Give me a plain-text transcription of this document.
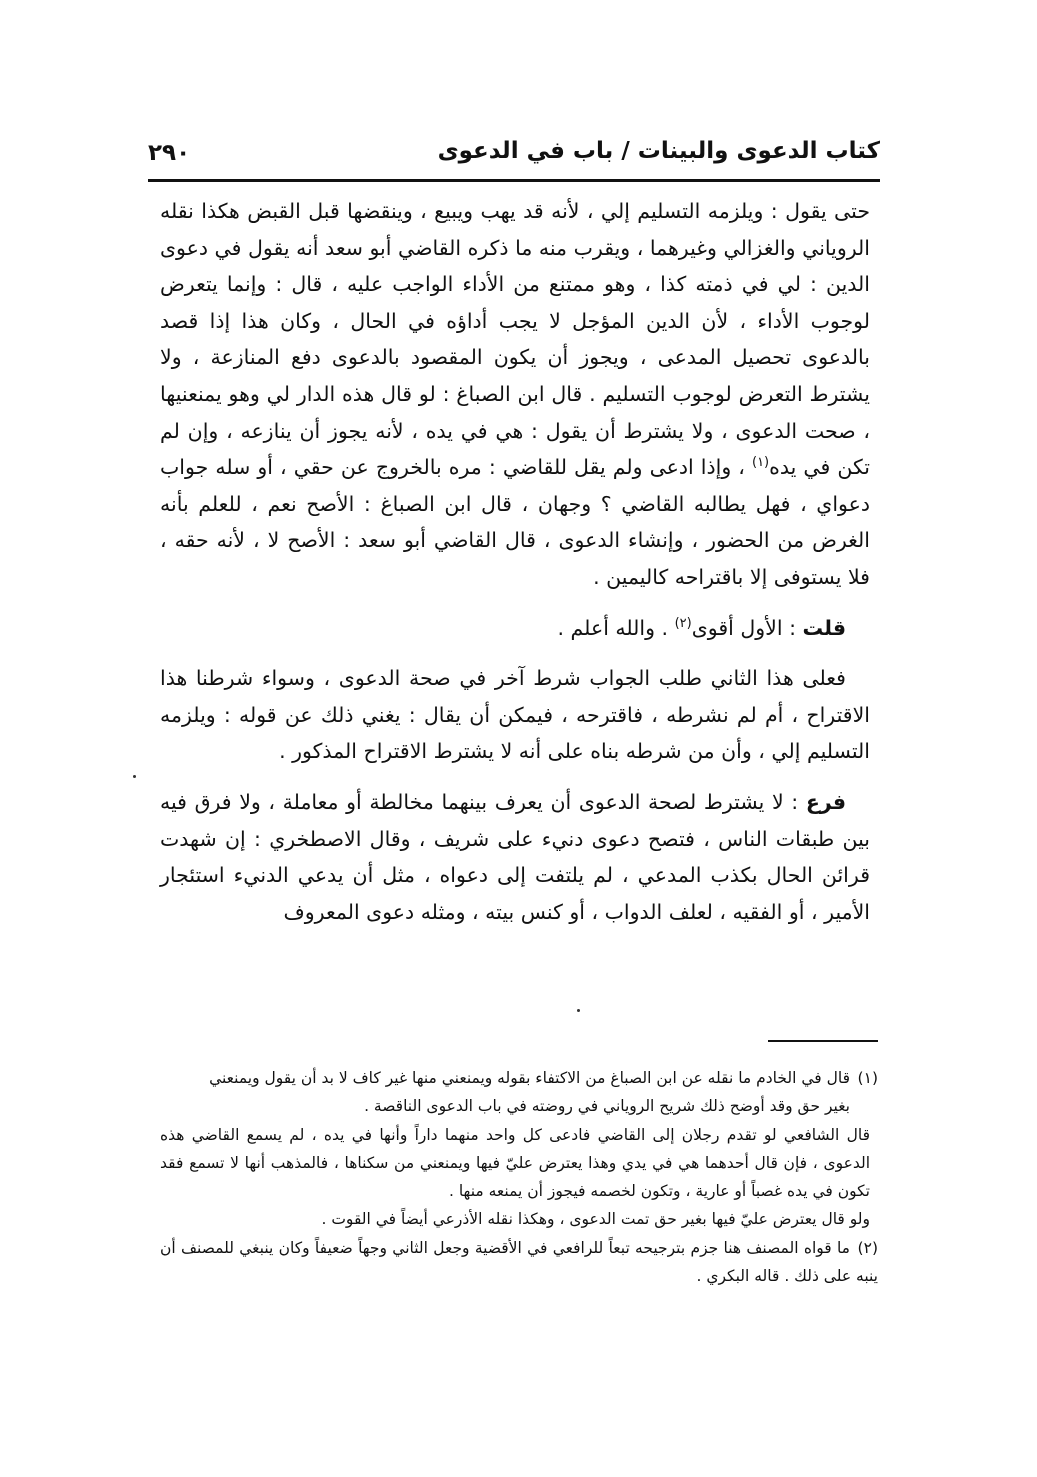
كتاب الدعوى والبينات / باب في الدعوى
٢٩٠

حتى يقول : ويلزمه التسليم إلي ، لأنه قد يهب ويبيع ، وينقضها قبل القبض هكذا نقله الروياني والغزالي وغيرهما ، ويقرب منه ما ذكره القاضي أبو سعد أنه يقول في دعوى الدين : لي في ذمته كذا ، وهو ممتنع من الأداء الواجب عليه ، قال : وإنما يتعرض لوجوب الأداء ، لأن الدين المؤجل لا يجب أداؤه في الحال ، وكان هذا إذا قصد بالدعوى تحصيل المدعى ، ويجوز أن يكون المقصود بالدعوى دفع المنازعة ، ولا يشترط التعرض لوجوب التسليم . قال ابن الصباغ : لو قال هذه الدار لي وهو يمنعنيها ، صحت الدعوى ، ولا يشترط أن يقول : هي في يده ، لأنه يجوز أن ينازعه ، وإن لم تكن في يده$^{(١)}$ ، وإذا ادعى ولم يقل للقاضي : مره بالخروج عن حقي ، أو سله جواب دعواي ، فهل يطالبه القاضي ؟ وجهان ، قال ابن الصباغ : الأصح نعم ، للعلم بأنه الغرض من الحضور ، وإنشاء الدعوى ، قال القاضي أبو سعد : الأصح لا ، لأنه حقه ، فلا يستوفى إلا باقتراحه كاليمين .

قلت : الأول أقوى$^{(٢)}$ . والله أعلم .

فعلى هذا الثاني طلب الجواب شرط آخر في صحة الدعوى ، وسواء شرطنا هذا الاقتراح ، أم لم نشرطه ، فاقترحه ، فيمكن أن يقال : يغني ذلك عن قوله : ويلزمه التسليم إلي ، وأن من شرطه بناه على أنه لا يشترط الاقتراح المذكور .

فرع : لا يشترط لصحة الدعوى أن يعرف بينهما مخالطة أو معاملة ، ولا فرق فيه بين طبقات الناس ، فتصح دعوى دنيء على شريف ، وقال الاصطخري : إن شهدت قرائن الحال بكذب المدعي ، لم يلتفت إلى دعواه ، مثل أن يدعي الدنيء استئجار الأمير ، أو الفقيه ، لعلف الدواب ، أو كنس بيته ، ومثله دعوى المعروف

(١)قال في الخادم ما نقله عن ابن الصباغ من الاكتفاء بقوله ويمنعني منها غير كاف لا بد أن يقول ويمنعني

بغير حق وقد أوضح ذلك شريح الروياني في روضته في باب الدعوى الناقصة .

قال الشافعي لو تقدم رجلان إلى القاضي فادعى كل واحد منهما داراً وأنها في يده ، لم يسمع القاضي هذه الدعوى ، فإن قال أحدهما هي في يدي وهذا يعترض عليّ فيها ويمنعني من سكناها ، فالمذهب أنها لا تسمع فقد تكون في يده غصباً أو عارية ، وتكون لخصمه فيجوز أن يمنعه منها .

ولو قال يعترض عليّ فيها بغير حق تمت الدعوى ، وهكذا نقله الأذرعي أيضاً في القوت .

(٢)ما قواه المصنف هنا جزم بترجيحه تبعاً للرافعي في الأقضية وجعل الثاني وجهاً ضعيفاً وكان ينبغي للمصنف أن ينبه على ذلك . قاله البكري .
